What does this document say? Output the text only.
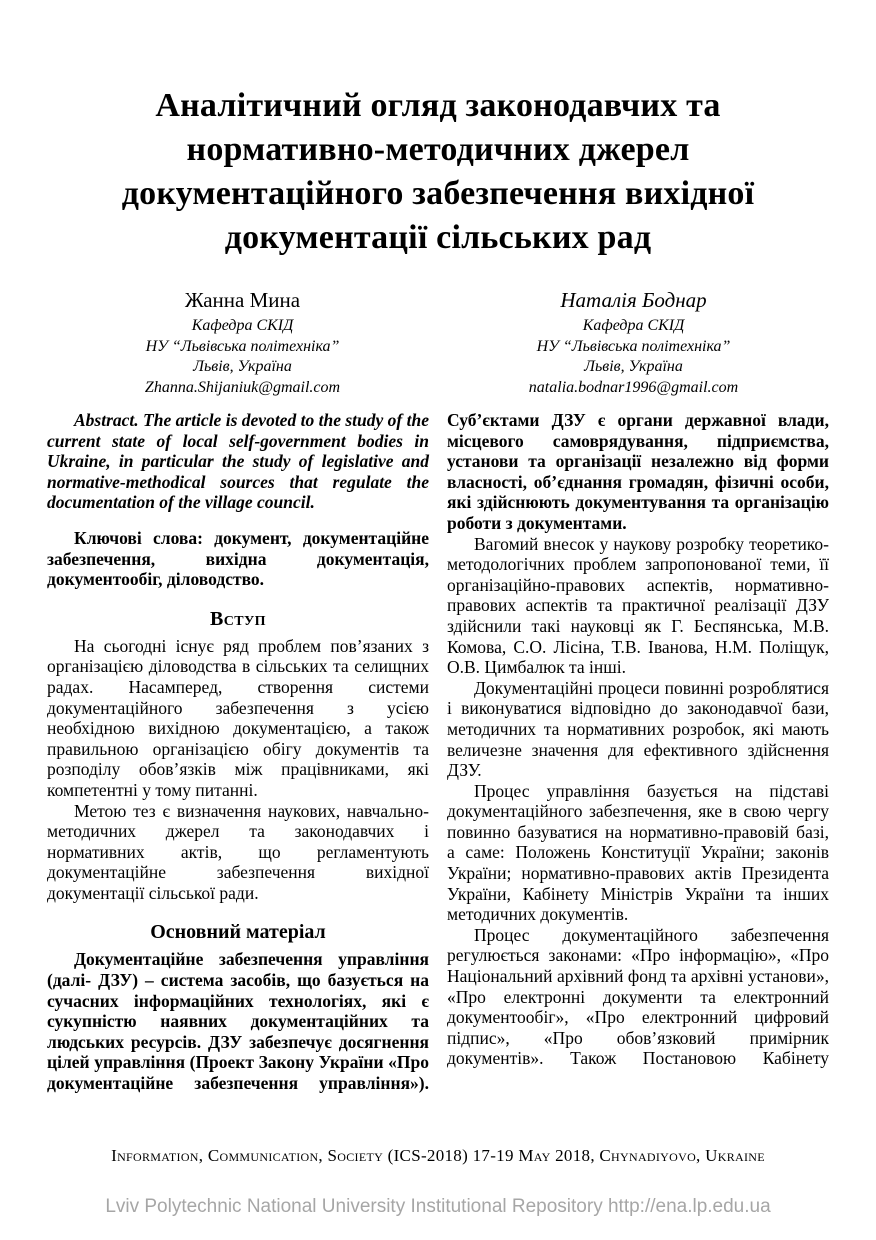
Аналітичний огляд законодавчих та
нормативно-методичних джерел
документаційного забезпечення вихідної
документації сільських рад
Жанна Мина
Кафедра СКІД
НУ “Львівська політехніка”
Львів, Україна
Zhanna.Shijaniuk@gmail.com
Наталія Боднар
Кафедра СКІД
НУ “Львівська політехніка”
Львів, Україна
natalia.bodnar1996@gmail.com

Abstract. The article is devoted to the study of the current state of local self-government bodies in Ukraine, in particular the study of legislative and normative-methodical sources that regulate the documentation of the village council.

Ключові слова: документ, документаційне забезпечення, вихідна документація, документообіг, діловодство.

Вступ

На сьогодні існує ряд проблем пов’язаних з організацією діловодства в сільських та селищних радах. Насамперед, створення системи документаційного забезпечення з усією необхідною вихідною документацією, а також правильною організацією обігу документів та розподілу обов’язків між працівниками, які компетентні у тому питанні.

Метою тез є визначення наукових, навчально-методичних джерел та законодавчих і нормативних актів, що регламентують документаційне забезпечення вихідної документації сільської ради.

Основний матеріал

Документаційне забезпечення управління (далі- ДЗУ) – система засобів, що базується на сучасних інформаційних технологіях, які є сукупністю наявних документаційних та людських ресурсів. ДЗУ забезпечує досягнення цілей управління (Проект Закону України «Про документаційне забезпечення управління»).

Суб’єктами ДЗУ є органи державної влади, місцевого самоврядування, підприємства, установи та організації незалежно від форми власності, об’єднання громадян, фізичні особи, які здійснюють документування та організацію роботи з документами.

Вагомий внесок у наукову розробку теоретико-методологічних проблем запропонованої теми, її організаційно-правових аспектів, нормативно-правових аспектів та практичної реалізації ДЗУ здійснили такі науковці як Г. Беспянська, М.В. Комова, С.О. Лісіна, Т.В. Іванова, Н.М. Поліщук, О.В. Цимбалюк та інші.

Документаційні процеси повинні розроблятися і виконуватися відповідно до законодавчої бази, методичних та нормативних розробок, які мають величезне значення для ефективного здійснення ДЗУ.

Процес управління базується на підставі документаційного забезпечення, яке в свою чергу повинно базуватися на нормативно-правовій базі, а саме: Положень Конституції України; законів України; нормативно-правових актів Президента України, Кабінету Міністрів України та інших методичних документів.

Процес документаційного забезпечення регулюється законами: «Про інформацію», «Про Національний архівний фонд та архівні установи», «Про електронні документи та електронний документообіг», «Про електронний цифровий підпис», «Про обов’язковий примірник документів». Також Постановою Кабінету

Information, Communication, Society (ICS-2018) 17-19 May 2018, Chynadiyovo, Ukraine
Lviv Polytechnic National University Institutional Repository http://ena.lp.edu.ua
